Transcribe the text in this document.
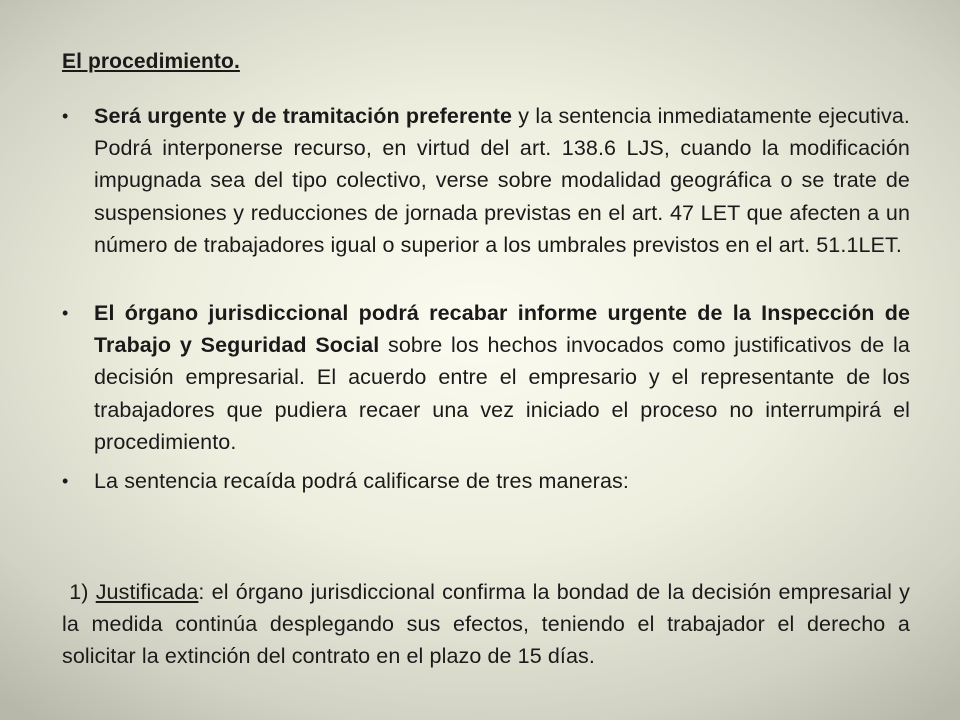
El procedimiento.
• Será urgente y de tramitación preferente y la sentencia inmediatamente ejecutiva. Podrá interponerse recurso, en virtud del art. 138.6 LJS, cuando la modificación impugnada sea del tipo colectivo, verse sobre modalidad geográfica o se trate de suspensiones y reducciones de jornada previstas en el art. 47 LET que afecten a un número de trabajadores igual o superior a los umbrales previstos en el art. 51.1LET.
• El órgano jurisdiccional podrá recabar informe urgente de la Inspección de Trabajo y Seguridad Social sobre los hechos invocados como justificativos de la decisión empresarial. El acuerdo entre el empresario y el representante de los trabajadores que pudiera recaer una vez iniciado el proceso no interrumpirá el procedimiento.
• La sentencia recaída podrá calificarse de tres maneras:

1) Justificada: el órgano jurisdiccional confirma la bondad de la decisión empresarial y la medida continúa desplegando sus efectos, teniendo el trabajador el derecho a solicitar la extinción del contrato en el plazo de 15 días.
